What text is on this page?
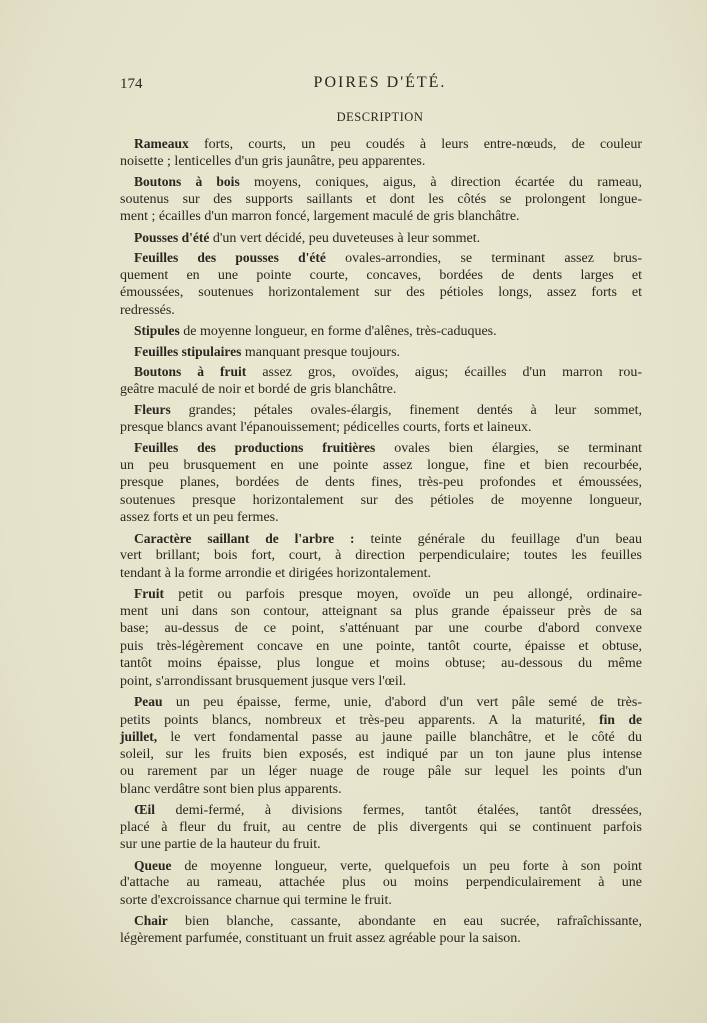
174	POIRES D'ÉTÉ.
DESCRIPTION
Rameaux forts, courts, un peu coudés à leurs entre-nœuds, de couleur
noisette ; lenticelles d'un gris jaunâtre, peu apparentes.
Boutons à bois moyens, coniques, aigus, à direction écartée du rameau,
soutenus sur des supports saillants et dont les côtés se prolongent longue-
ment ; écailles d'un marron foncé, largement maculé de gris blanchâtre.
Pousses d'été d'un vert décidé, peu duveteuses à leur sommet.
Feuilles des pousses d'été ovales-arrondies, se terminant assez brus-
quement en une pointe courte, concaves, bordées de dents larges et
émoussées, soutenues horizontalement sur des pétioles longs, assez forts et
redressés.
Stipules de moyenne longueur, en forme d'alênes, très-caduques.
Feuilles stipulaires manquant presque toujours.
Boutons à fruit assez gros, ovoïdes, aigus; écailles d'un marron rou-
geâtre maculé de noir et bordé de gris blanchâtre.
Fleurs grandes; pétales ovales-élargis, finement dentés à leur sommet,
presque blancs avant l'épanouissement; pédicelles courts, forts et laineux.
Feuilles des productions fruitières ovales bien élargies, se terminant
un peu brusquement en une pointe assez longue, fine et bien recourbée,
presque planes, bordées de dents fines, très-peu profondes et émoussées,
soutenues presque horizontalement sur des pétioles de moyenne longueur,
assez forts et un peu fermes.
Caractère saillant de l'arbre : teinte générale du feuillage d'un beau
vert brillant; bois fort, court, à direction perpendiculaire; toutes les feuilles
tendant à la forme arrondie et dirigées horizontalement.
Fruit petit ou parfois presque moyen, ovoïde un peu allongé, ordinaire-
ment uni dans son contour, atteignant sa plus grande épaisseur près de sa
base; au-dessus de ce point, s'atténuant par une courbe d'abord convexe
puis très-légèrement concave en une pointe, tantôt courte, épaisse et obtuse,
tantôt moins épaisse, plus longue et moins obtuse; au-dessous du même
point, s'arrondissant brusquement jusque vers l'œil.
Peau un peu épaisse, ferme, unie, d'abord d'un vert pâle semé de très-
petits points blancs, nombreux et très-peu apparents. A la maturité, fin de
juillet, le vert fondamental passe au jaune paille blanchâtre, et le côté du
soleil, sur les fruits bien exposés, est indiqué par un ton jaune plus intense
ou rarement par un léger nuage de rouge pâle sur lequel les points d'un
blanc verdâtre sont bien plus apparents.
Œil demi-fermé, à divisions fermes, tantôt étalées, tantôt dressées,
placé à fleur du fruit, au centre de plis divergents qui se continuent parfois
sur une partie de la hauteur du fruit.
Queue de moyenne longueur, verte, quelquefois un peu forte à son point
d'attache au rameau, attachée plus ou moins perpendiculairement à une
sorte d'excroissance charnue qui termine le fruit.
Chair bien blanche, cassante, abondante en eau sucrée, rafraîchissante,
légèrement parfumée, constituant un fruit assez agréable pour la saison.
